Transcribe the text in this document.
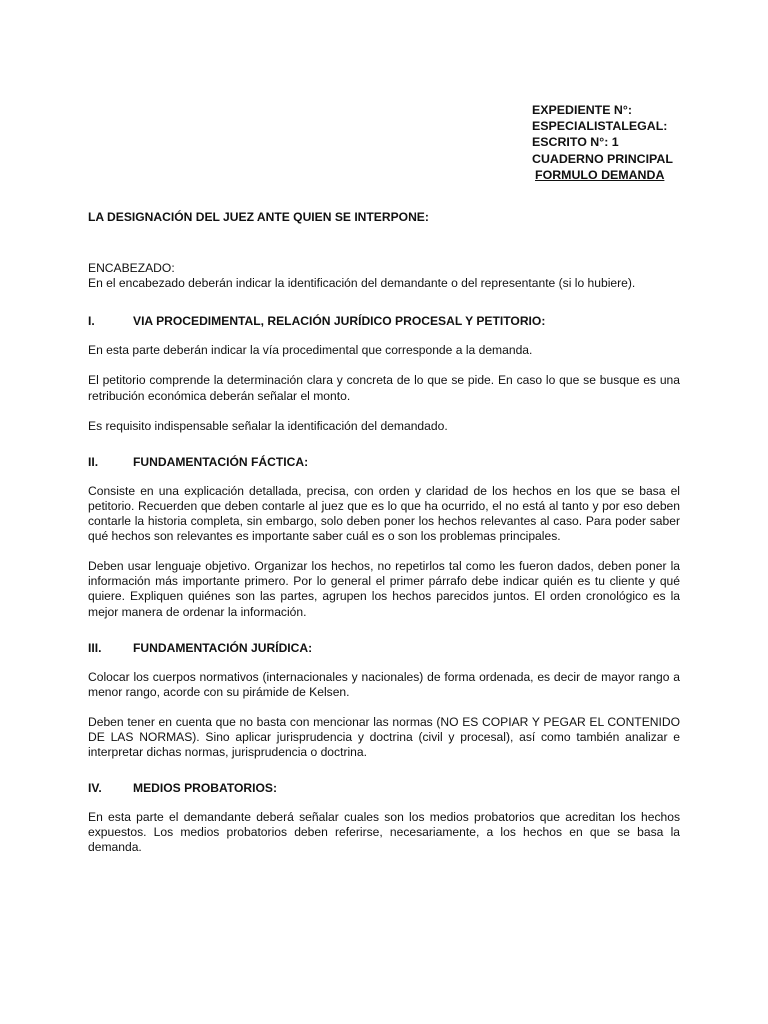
EXPEDIENTE N°:
ESPECIALISTALEGAL:
ESCRITO N°: 1
CUADERNO PRINCIPAL
FORMULO DEMANDA
LA DESIGNACIÓN DEL JUEZ ANTE QUIEN SE INTERPONE:
ENCABEZADO:
En el encabezado deberán indicar la identificación del demandante o del representante (si lo hubiere).
I.	VIA PROCEDIMENTAL, RELACIÓN JURÍDICO PROCESAL Y PETITORIO:

En esta parte deberán indicar la vía procedimental que corresponde a la demanda.

El petitorio comprende la determinación clara y concreta de lo que se pide. En caso lo que se busque es una retribución económica deberán señalar el monto.

Es requisito indispensable señalar la identificación del demandado.

II.	FUNDAMENTACIÓN FÁCTICA:

Consiste en una explicación detallada, precisa, con orden y claridad de los hechos en los que se basa el petitorio. Recuerden que deben contarle al juez que es lo que ha ocurrido, el no está al tanto y por eso deben contarle la historia completa, sin embargo, solo deben poner los hechos relevantes al caso. Para poder saber qué hechos son relevantes es importante saber cuál es o son los problemas principales.

Deben usar lenguaje objetivo. Organizar los hechos, no repetirlos tal como les fueron dados, deben poner la información más importante primero. Por lo general el primer párrafo debe indicar quién es tu cliente y qué quiere. Expliquen quiénes son las partes, agrupen los hechos parecidos juntos. El orden cronológico es la mejor manera de ordenar la información.

III.	FUNDAMENTACIÓN JURÍDICA:

Colocar los cuerpos normativos (internacionales y nacionales) de forma ordenada, es decir de mayor rango a menor rango, acorde con su pirámide de Kelsen.

Deben tener en cuenta que no basta con mencionar las normas (NO ES COPIAR Y PEGAR EL CONTENIDO DE LAS NORMAS). Sino aplicar jurisprudencia y doctrina (civil y procesal), así como también analizar e interpretar dichas normas, jurisprudencia o doctrina.

IV.	MEDIOS PROBATORIOS:

En esta parte el demandante deberá señalar cuales son los medios probatorios que acreditan los hechos expuestos. Los medios probatorios deben referirse, necesariamente, a los hechos en que se basa la demanda.
